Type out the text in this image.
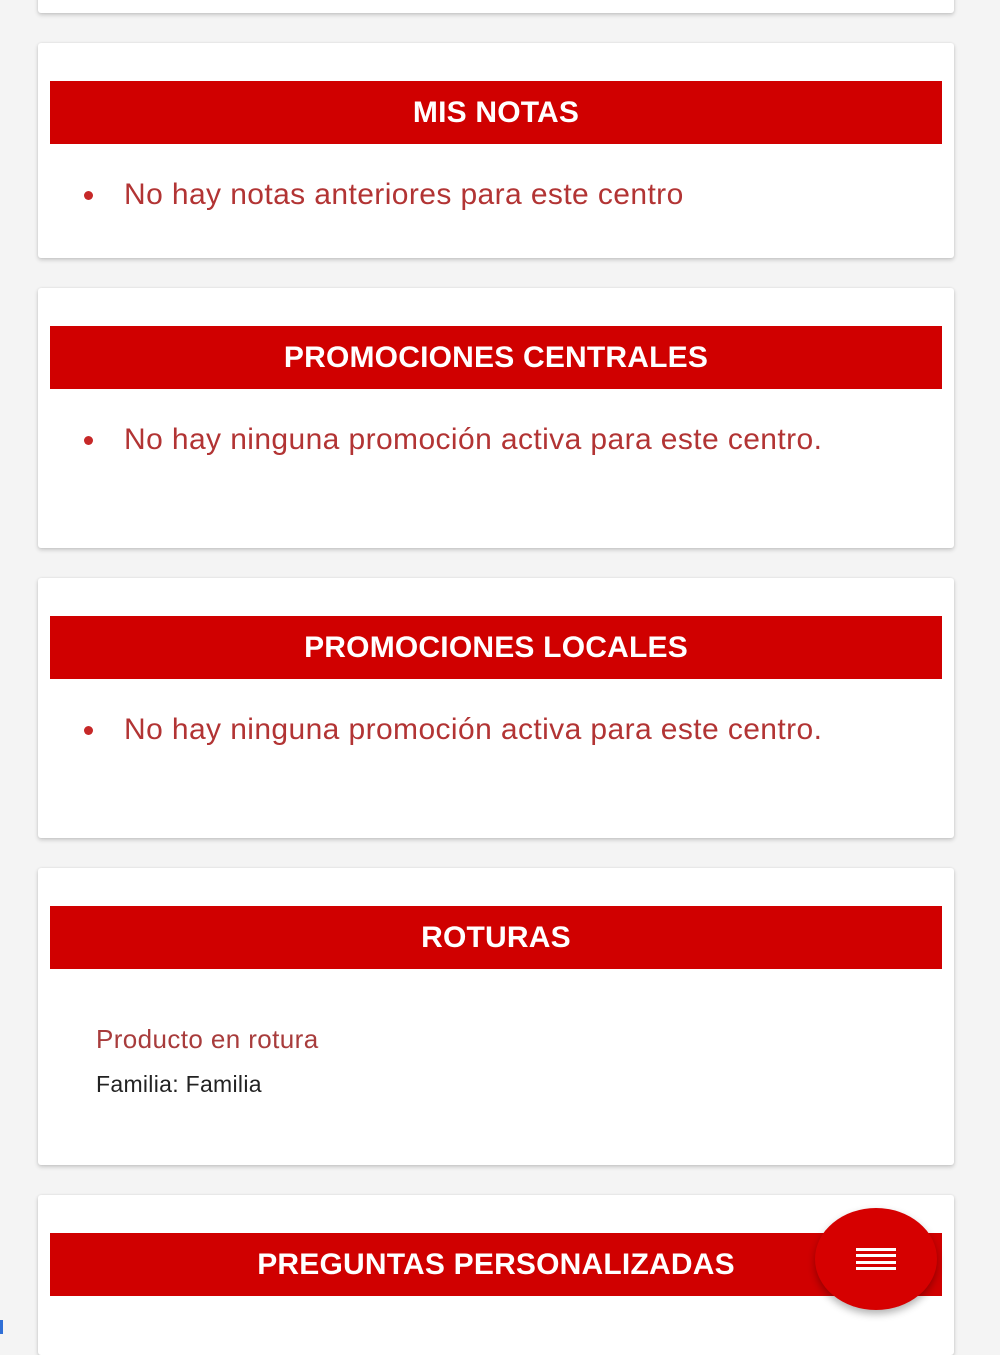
MIS NOTAS
No hay notas anteriores para este centro
PROMOCIONES CENTRALES
No hay ninguna promoción activa para este centro.
PROMOCIONES LOCALES
No hay ninguna promoción activa para este centro.
ROTURAS
Producto en rotura
Familia: Familia
PREGUNTAS PERSONALIZADAS
